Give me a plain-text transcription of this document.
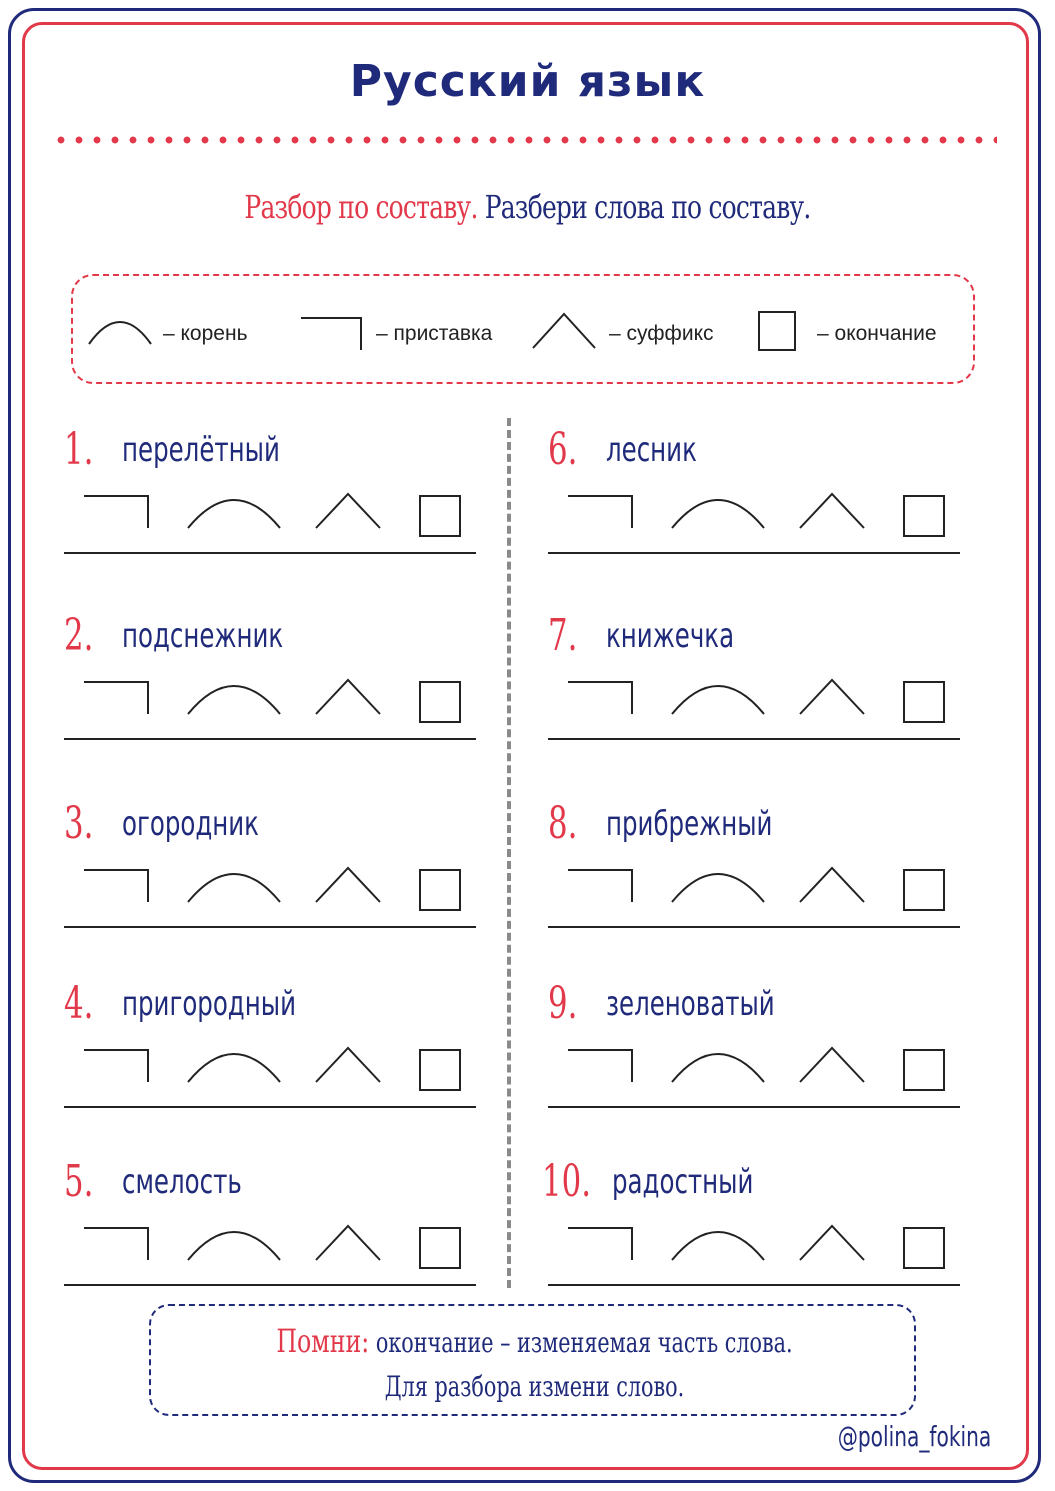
Русский язык
Разбор по составу. Разбери слова по составу.
– корень	– приставка	– суффикс	– окончание
1. перелётный
2. подснежник
3. огородник
4. пригородный
5. смелость
6. лесник
7. книжечка
8. прибрежный
9. зеленоватый
10. радостный
Помни: окончание – изменяемая часть слова.
Для разбора измени слово.
@polina_fokina
